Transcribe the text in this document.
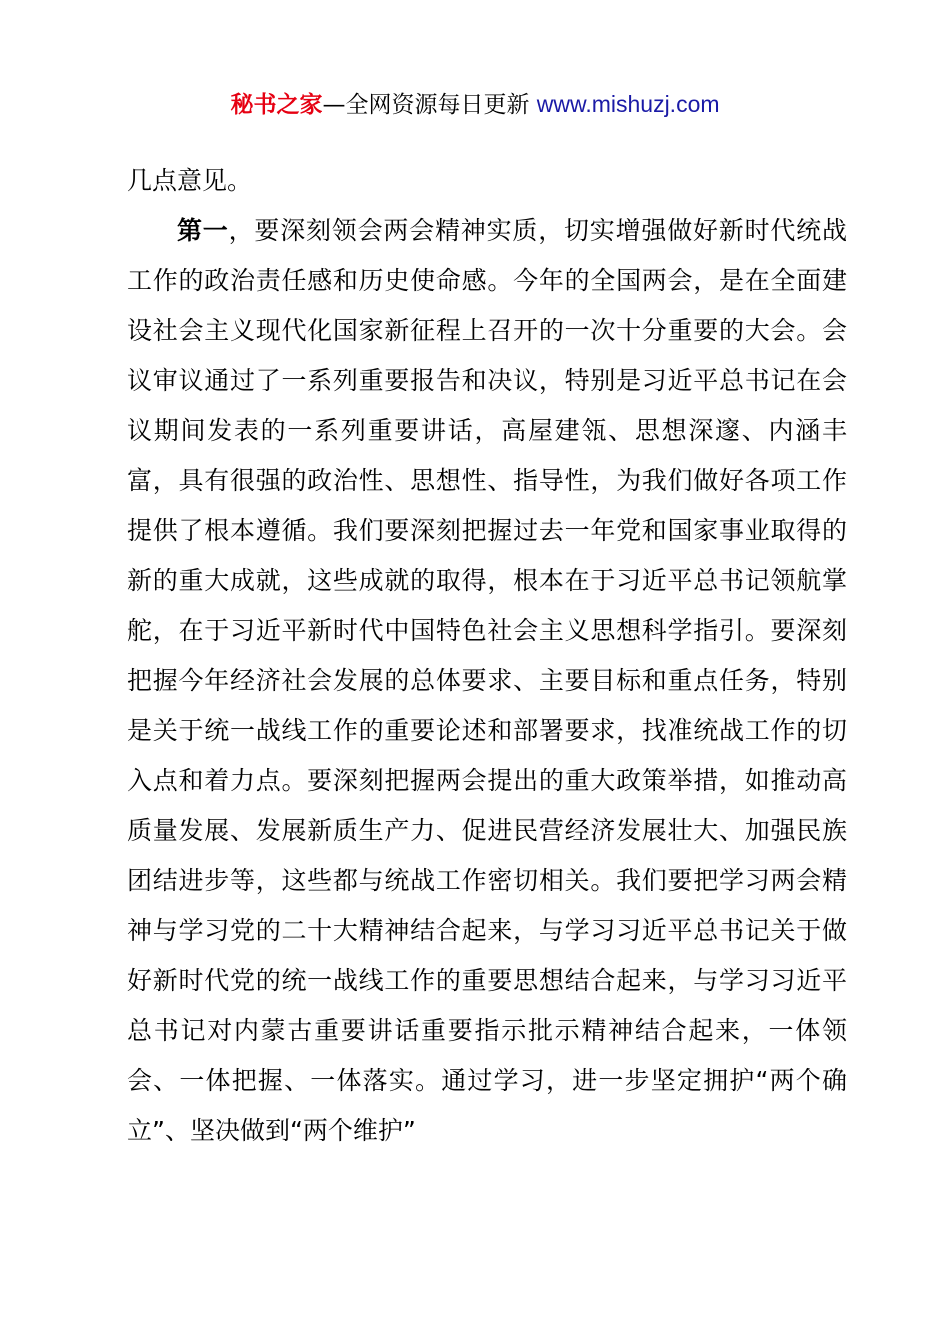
秘书之家—全网资源每日更新 www.mishuzj.com

几点意见。

第一，要深刻领会两会精神实质，切实增强做好新时代统战工作的政治责任感和历史使命感。今年的全国两会，是在全面建设社会主义现代化国家新征程上召开的一次十分重要的大会。会议审议通过了一系列重要报告和决议，特别是习近平总书记在会议期间发表的一系列重要讲话，高屋建瓴、思想深邃、内涵丰富，具有很强的政治性、思想性、指导性，为我们做好各项工作提供了根本遵循。我们要深刻把握过去一年党和国家事业取得的新的重大成就，这些成就的取得，根本在于习近平总书记领航掌舵，在于习近平新时代中国特色社会主义思想科学指引。要深刻把握今年经济社会发展的总体要求、主要目标和重点任务，特别是关于统一战线工作的重要论述和部署要求，找准统战工作的切入点和着力点。要深刻把握两会提出的重大政策举措，如推动高质量发展、发展新质生产力、促进民营经济发展壮大、加强民族团结进步等，这些都与统战工作密切相关。我们要把学习两会精神与学习党的二十大精神结合起来，与学习习近平总书记关于做好新时代党的统一战线工作的重要思想结合起来，与学习习近平总书记对内蒙古重要讲话重要指示批示精神结合起来，一体领会、一体把握、一体落实。通过学习，进一步坚定拥护“两个确立”、坚决做到“两个维护”
